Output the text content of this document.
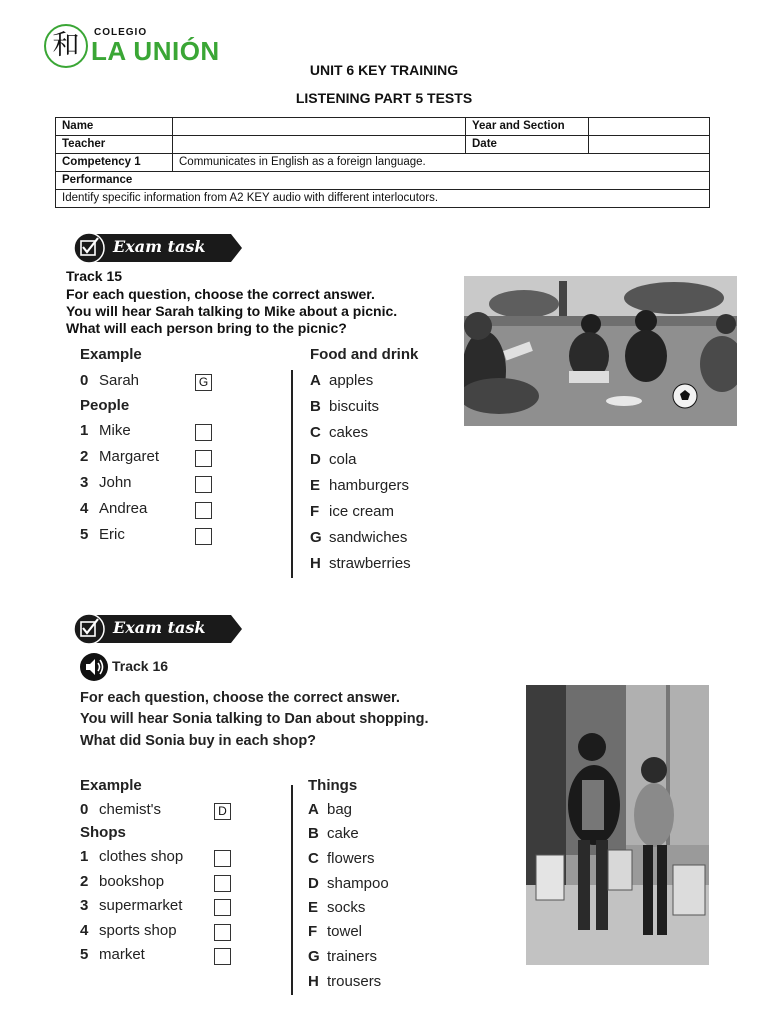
和	COLEGIO
LA UNIÓN
UNIT 6 KEY TRAINING
LISTENING PART 5 TESTS
Name		Year and Section	
Teacher		Date	
Competency 1	Communicates in English as a foreign language.		
Performance			
Identify specific information from A2 KEY audio with different interlocutors.			
Exam task
Track 15
For each question, choose the correct answer.
You will hear Sarah talking to Mike about a picnic.
What will each person bring to the picnic?
Example
0 Sarah	G
People
1 Mike
2 Margaret
3 John
4 Andrea
5 Eric
Food and drink
A apples
B biscuits
C cakes
D cola
E hamburgers
F ice cream
G sandwiches
H strawberries
Exam task
Track 16
For each question, choose the correct answer.
You will hear Sonia talking to Dan about shopping.
What did Sonia buy in each shop?
Example
0 chemist's	D
Shops
1 clothes shop
2 bookshop
3 supermarket
4 sports shop
5 market
Things
A bag
B cake
C flowers
D shampoo
E socks
F towel
G trainers
H trousers
